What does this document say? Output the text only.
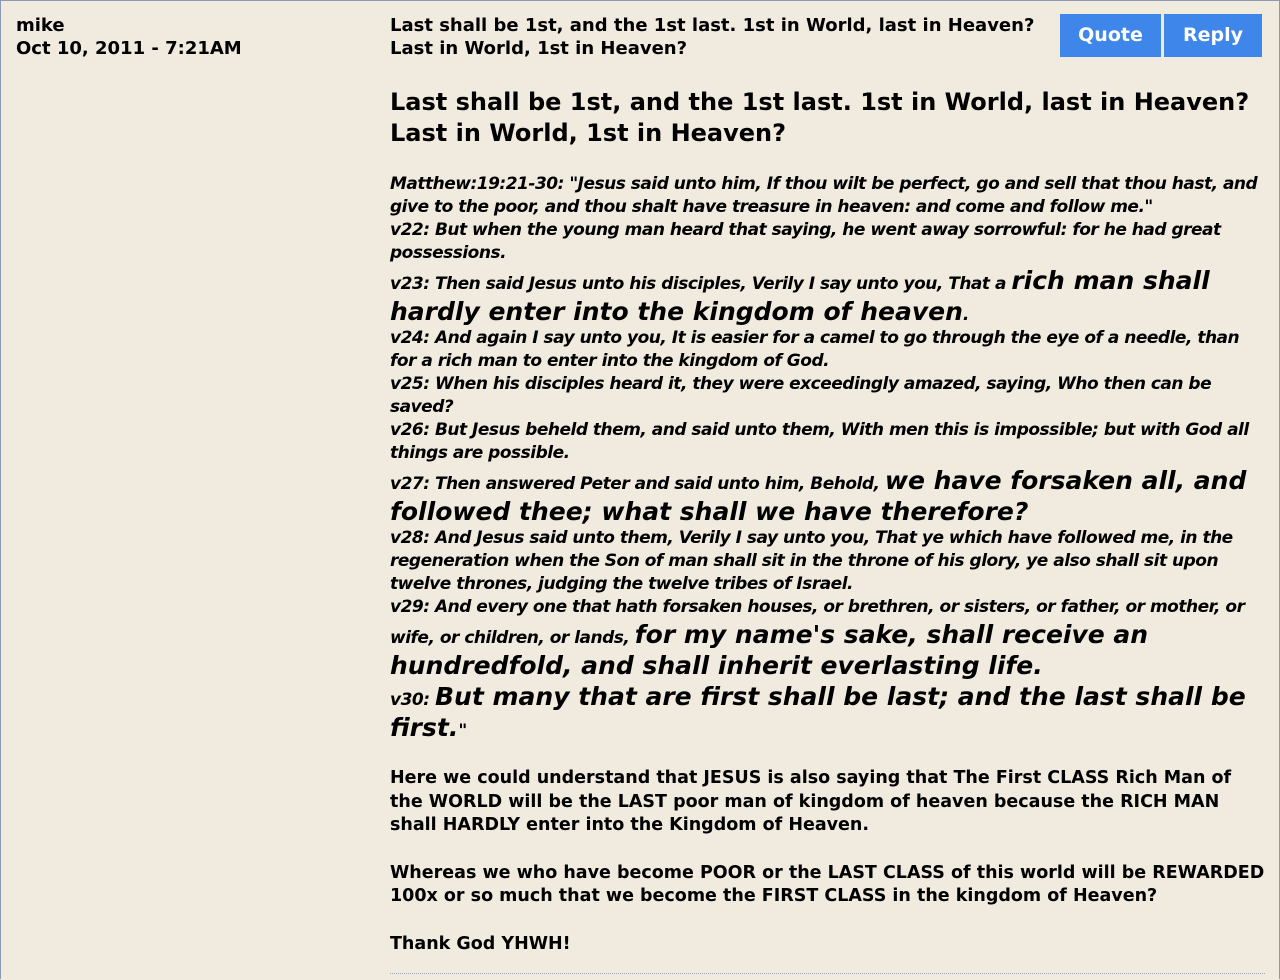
mike
Oct 10, 2011 - 7:21AM
Last shall be 1st, and the 1st last. 1st in World, last in Heaven?
Last in World, 1st in Heaven?
Quote	Reply
Last shall be 1st, and the 1st last. 1st in World, last in Heaven?
Last in World, 1st in Heaven?
Matthew:19:21-30: "Jesus said unto him, If thou wilt be perfect, go and sell that thou hast, and give to the poor, and thou shalt have treasure in heaven: and come and follow me."
v22: But when the young man heard that saying, he went away sorrowful: for he had great possessions.
v23: Then said Jesus unto his disciples, Verily I say unto you, That a rich man shall hardly enter into the kingdom of heaven.
v24: And again I say unto you, It is easier for a camel to go through the eye of a needle, than for a rich man to enter into the kingdom of God.
v25: When his disciples heard it, they were exceedingly amazed, saying, Who then can be saved?
v26: But Jesus beheld them, and said unto them, With men this is impossible; but with God all things are possible.
v27: Then answered Peter and said unto him, Behold, we have forsaken all, and followed thee; what shall we have therefore?
v28: And Jesus said unto them, Verily I say unto you, That ye which have followed me, in the regeneration when the Son of man shall sit in the throne of his glory, ye also shall sit upon twelve thrones, judging the twelve tribes of Israel.
v29: And every one that hath forsaken houses, or brethren, or sisters, or father, or mother, or wife, or children, or lands, for my name's sake, shall receive an hundredfold, and shall inherit everlasting life.
v30: But many that are first shall be last; and the last shall be first."
Here we could understand that JESUS is also saying that The First CLASS Rich Man of the WORLD will be the LAST poor man of kingdom of heaven because the RICH MAN shall HARDLY enter into the Kingdom of Heaven.
Whereas we who have become POOR or the LAST CLASS of this world will be REWARDED 100x or so much that we become the FIRST CLASS in the kingdom of Heaven?
Thank God YHWH!
